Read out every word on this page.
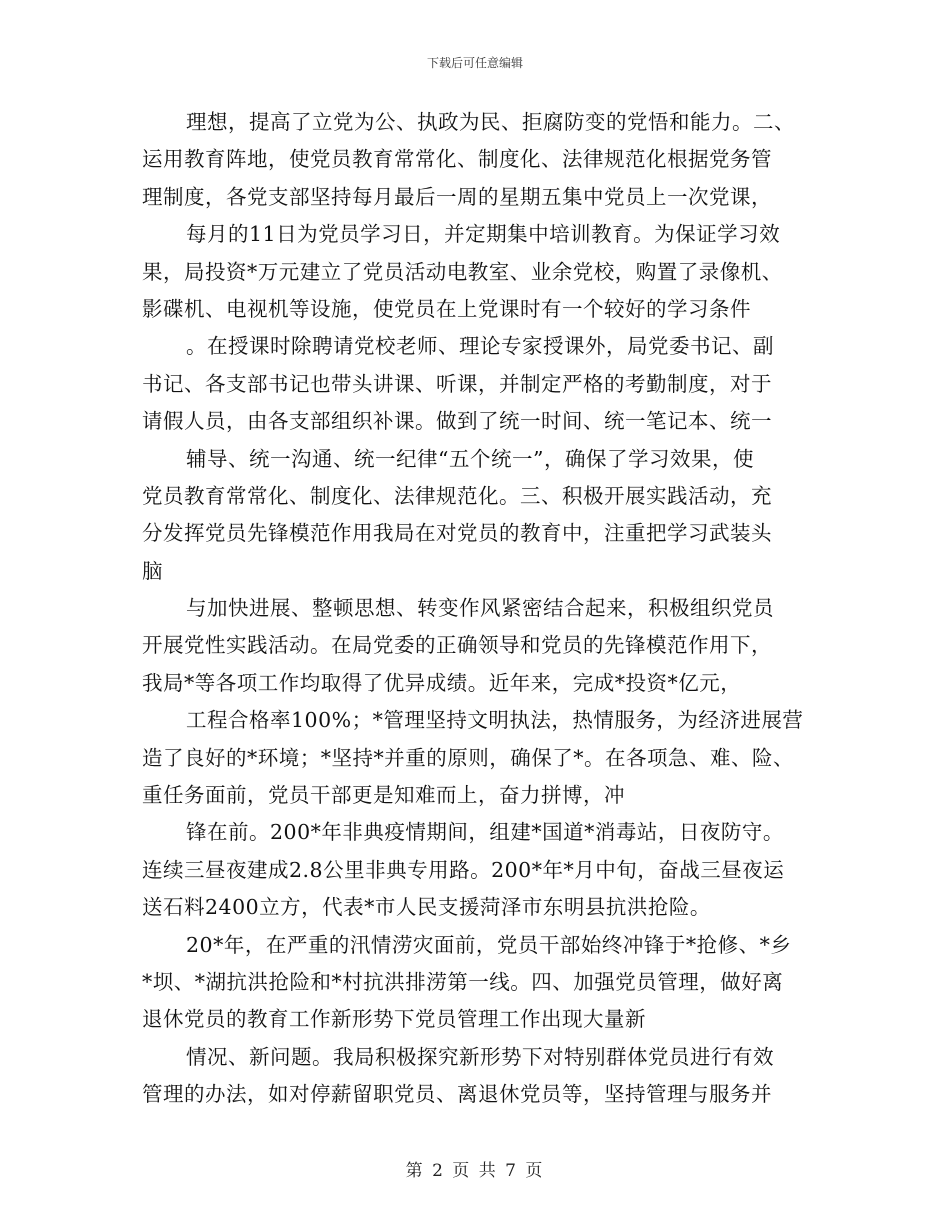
下载后可任意编辑
理想，提高了立党为公、执政为民、拒腐防变的党悟和能力。二、
运用教育阵地，使党员教育常常化、制度化、法律规范化根据党务管
理制度，各党支部坚持每月最后一周的星期五集中党员上一次党课，
每月的11日为党员学习日，并定期集中培训教育。为保证学习效
果，局投资*万元建立了党员活动电教室、业余党校，购置了录像机、
影碟机、电视机等设施，使党员在上党课时有一个较好的学习条件
。在授课时除聘请党校老师、理论专家授课外，局党委书记、副
书记、各支部书记也带头讲课、听课，并制定严格的考勤制度，对于
请假人员，由各支部组织补课。做到了统一时间、统一笔记本、统一
辅导、统一沟通、统一纪律“五个统一”，确保了学习效果，使
党员教育常常化、制度化、法律规范化。三、积极开展实践活动，充
分发挥党员先锋模范作用我局在对党员的教育中，注重把学习武装头
脑
与加快进展、整顿思想、转变作风紧密结合起来，积极组织党员
开展党性实践活动。在局党委的正确领导和党员的先锋模范作用下，
我局*等各项工作均取得了优异成绩。近年来，完成*投资*亿元，
工程合格率100%；*管理坚持文明执法，热情服务，为经济进展营
造了良好的*环境；*坚持*并重的原则，确保了*。在各项急、难、险、
重任务面前，党员干部更是知难而上，奋力拼博，冲
锋在前。200*年非典疫情期间，组建*国道*消毒站，日夜防守。
连续三昼夜建成2.8公里非典专用路。200*年*月中旬，奋战三昼夜运
送石料2400立方，代表*市人民支援菏泽市东明县抗洪抢险。
20*年，在严重的汛情涝灾面前，党员干部始终冲锋于*抢修、*乡
*坝、*湖抗洪抢险和*村抗洪排涝第一线。四、加强党员管理，做好离
退休党员的教育工作新形势下党员管理工作出现大量新
情况、新问题。我局积极探究新形势下对特别群体党员进行有效
管理的办法，如对停薪留职党员、离退休党员等，坚持管理与服务并
第 2 页 共 7 页
